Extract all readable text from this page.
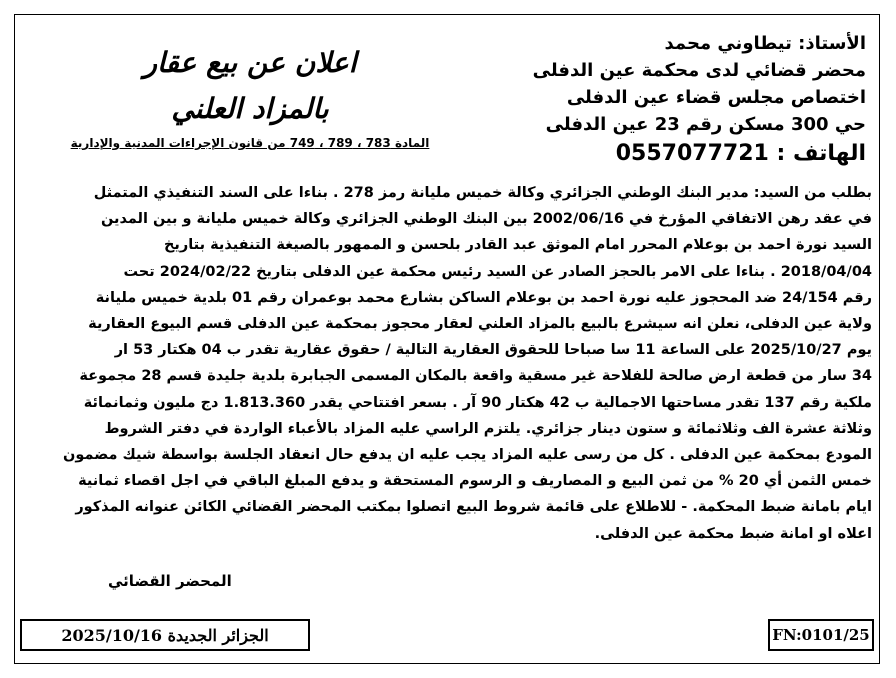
الأستاذ: تيطاوني محمد
محضر قضائي لدى محكمة عين الدفلى
اختصاص مجلس قضاء عين الدفلى
حي 300 مسكن رقم 23 عين الدفلى
الهاتف : 0557077721
اعلان عن بيع عقار
بالمزاد العلني
المادة 783 ، 789 ، 749 من قانون الإجراءات المدنية والإدارية
بطلب من السيد: مدير البنك الوطني الجزائري وكالة خميس مليانة رمز 278 . بناءا على السند التنفيذي المتمثل
في عقد رهن الاتفاقي المؤرخ في 2002/06/16 بين البنك الوطني الجزائري وكالة خميس مليانة و بين المدين
السيد نورة احمد بن بوعلام المحرر امام الموثق عبد القادر بلحسن و الممهور بالصيغة التنفيذية بتاريخ
2018/04/04 . بناءا على الامر بالحجز الصادر عن السيد رئيس محكمة عين الدفلى بتاريخ 2024/02/22 تحت
رقم 24/154 ضد المحجوز عليه نورة احمد بن بوعلام الساكن بشارع محمد بوعمران رقم 01 بلدية خميس مليانة
ولاية عين الدفلى، نعلن انه سيشرع بالبيع بالمزاد العلني لعقار محجوز بمحكمة عين الدفلى قسم البيوع العقارية
يوم 2025/10/27 على الساعة 11 سا صباحا للحقوق العقارية التالية / حقوق عقارية تقدر ب 04 هكتار 53 ار
34 سار من قطعة ارض صالحة للفلاحة غير مسقية واقعة بالمكان المسمى الجبابرة بلدية جليدة قسم 28 مجموعة
ملكية رقم 137 تقدر مساحتها الاجمالية ب 42 هكتار 90 آر . بسعر افتتاحي يقدر 1.813.360 دج مليون وثمانمائة
وثلاثة عشرة الف وثلاثمائة و ستون دينار جزائري. يلتزم الراسي عليه المزاد بالأعباء الواردة في دفتر الشروط
المودع بمحكمة عين الدفلى . كل من رسى عليه المزاد يجب عليه ان يدفع حال انعقاد الجلسة بواسطة شيك مضمون
خمس الثمن أي 20 % من ثمن البيع و المصاريف و الرسوم المستحقة و يدفع المبلغ الباقي في اجل اقصاء ثمانية
ايام بامانة ضبط المحكمة. - للاطلاع على قائمة شروط البيع اتصلوا بمكتب المحضر القضائي الكائن عنوانه المذكور
اعلاه او امانة ضبط محكمة عين الدفلى.
المحضر القضائي
الجزائر الجديدة 2025/10/16	FN:0101/25
